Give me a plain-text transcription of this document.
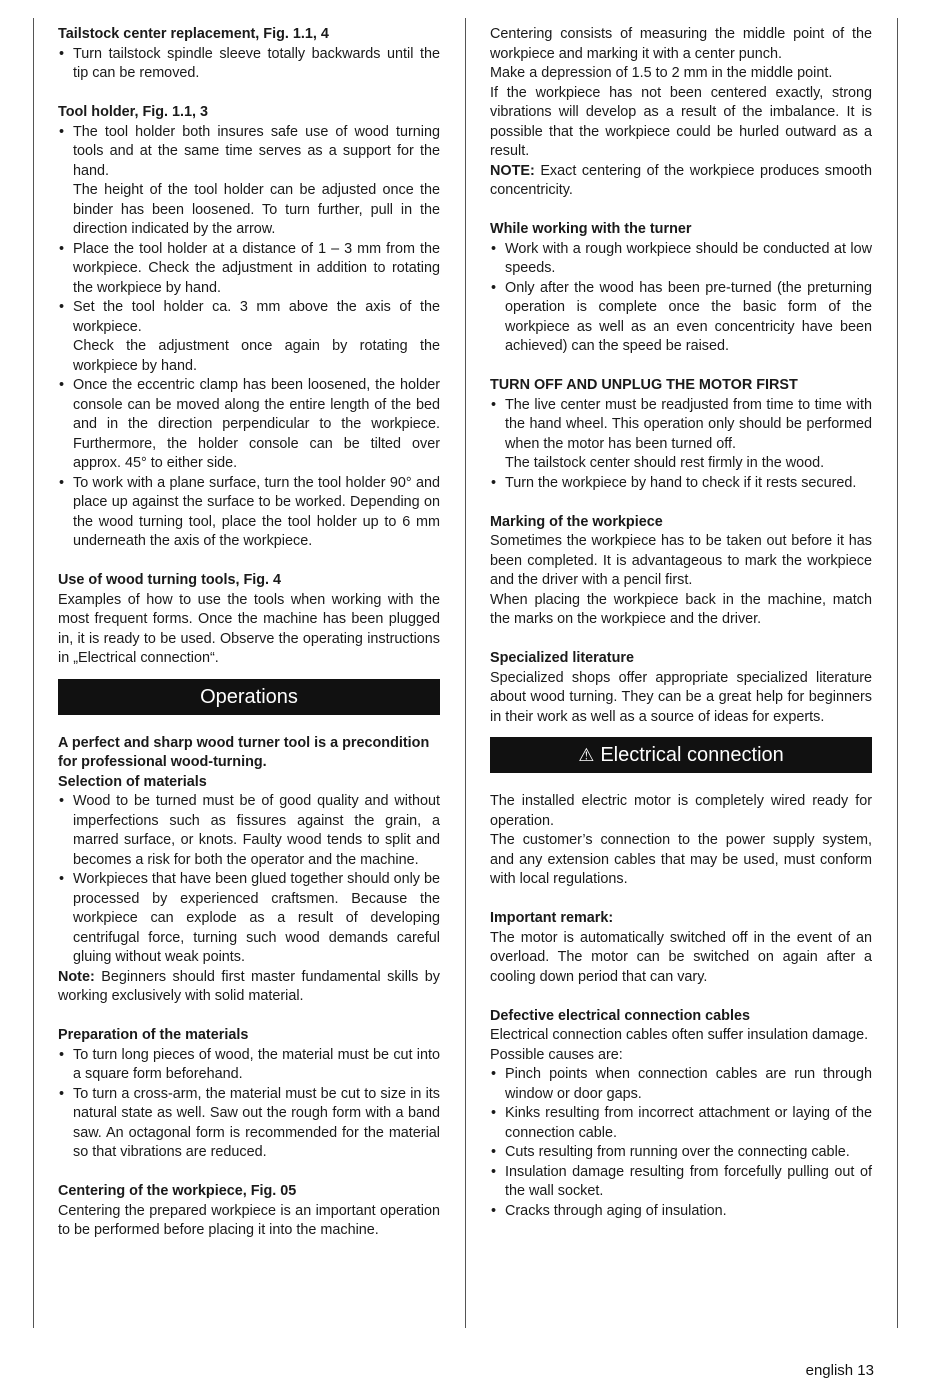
Tailstock center replacement, Fig. 1.1, 4
• Turn tailstock spindle sleeve totally backwards until the tip can be removed.
Tool holder, Fig. 1.1, 3

• The tool holder both insures safe use of wood turning tools and at the same time serves as a support for the hand.

The height of the tool holder can be adjusted once the binder has been loosened. To turn further, pull in the direction indicated by the arrow.

• Place the tool holder at a distance of 1 – 3 mm from the workpiece. Check the adjustment in addition to rotating the workpiece by hand.

• Set the tool holder ca. 3 mm above the axis of the workpiece.

Check the adjustment once again by rotating the workpiece by hand.

• Once the eccentric clamp has been loosened, the holder console can be moved along the entire length of the bed and in the direction perpendicular to the workpiece. Furthermore, the holder console can be tilted over approx. 45° to either side.
• To work with a plane surface, turn the tool holder 90° and place up against the surface to be worked. Depending on the wood turning tool, place the tool holder up to 6 mm underneath the axis of the workpiece.
Use of wood turning tools, Fig. 4

Examples of how to use the tools when working with the most frequent forms. Once the machine has been plugged in, it is ready to be used. Observe the operating instructions in „Electrical connection“.

Operations
A perfect and sharp wood turner tool is a precondition for professional wood-turning.
Selection of materials
• Wood to be turned must be of good quality and without imperfections such as fissures against the grain, a marred surface, or knots. Faulty wood tends to split and becomes a risk for both the operator and the machine.
• Workpieces that have been glued together should only be processed by experienced craftsmen. Because the workpiece can explode as a result of developing centrifugal force, turning such wood demands careful gluing without weak points.

Note: Beginners should first master fundamental skills by working exclusively with solid material.

Preparation of the materials
• To turn long pieces of wood, the material must be cut into a square form beforehand.
• To turn a cross-arm, the material must be cut to size in its natural state as well. Saw out the rough form with a band saw. An octagonal form is recommended for the material so that vibrations are reduced.
Centering of the workpiece, Fig. 05

Centering the prepared workpiece is an important operation to be performed before placing it into the machine.

Centering consists of measuring the middle point of the workpiece and marking it with a center punch.

Make a depression of 1.5 to 2 mm in the middle point.

If the workpiece has not been centered exactly, strong vibrations will develop as a result of the imbalance. It is possible that the workpiece could be hurled outward as a result.

NOTE: Exact centering of the workpiece produces smooth concentricity.

While working with the turner
• Work with a rough workpiece should be conducted at low speeds.
• Only after the wood has been pre-turned (the preturning operation is complete once the basic form of the workpiece as well as an even concentricity have been achieved) can the speed be raised.
TURN OFF AND UNPLUG THE MOTOR FIRST

• The live center must be readjusted from time to time with the hand wheel. This operation only should be performed when the motor has been turned off.

The tailstock center should rest firmly in the wood.

• Turn the workpiece by hand to check if it rests secured.
Marking of the workpiece

Sometimes the workpiece has to be taken out before it has been completed. It is advantageous to mark the workpiece and the driver with a pencil first.

When placing the workpiece back in the machine, match the marks on the workpiece and the driver.

Specialized literature

Specialized shops offer appropriate specialized literature about wood turning. They can be a great help for beginners in their work as well as a source of ideas for experts.

⚠ Electrical connection

The installed electric motor is completely wired ready for operation.

The customer’s connection to the power supply system, and any extension cables that may be used, must conform with local regulations.

Important remark:

The motor is automatically switched off in the event of an overload. The motor can be switched on again after a cooling down period that can vary.

Defective electrical connection cables

Electrical connection cables often suffer insulation damage.

Possible causes are:

• Pinch points when connection cables are run through window or door gaps.
• Kinks resulting from incorrect attachment or laying of the connection cable.
• Cuts resulting from running over the connecting cable.
• Insulation damage resulting from forcefully pulling out of the wall socket.
• Cracks through aging of insulation.
english 13
